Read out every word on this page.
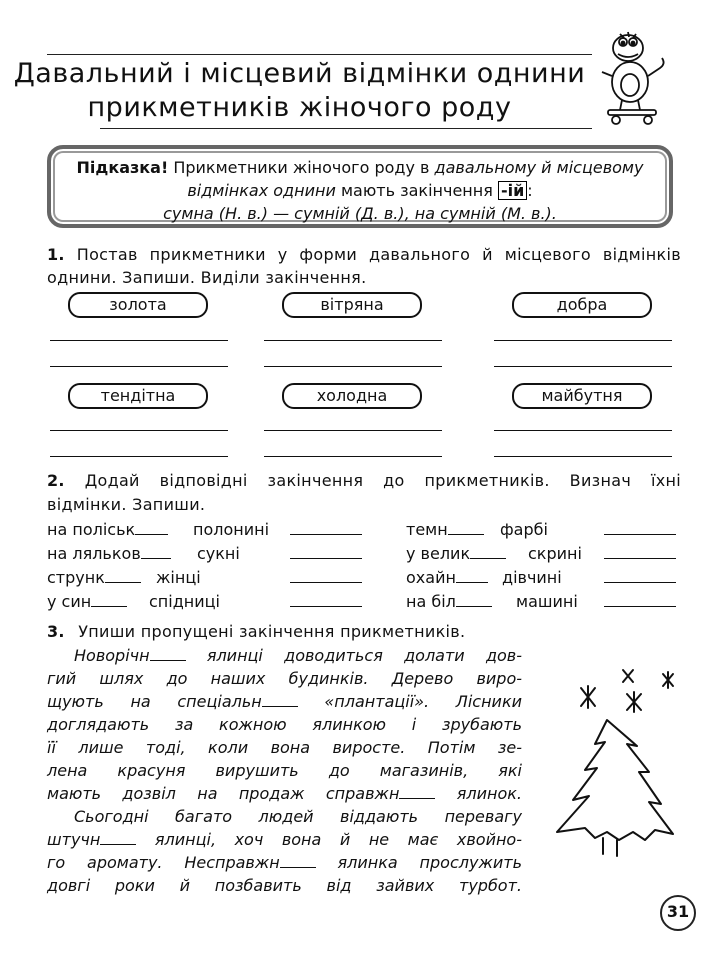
Давальний і місцевий відмінки однини
прикметників жіночого роду
Підказка! Прикметники жіночого роду в давальному й місцевому
відмінках однини мають закінчення -ій :
сумна (Н. в.) — сумній (Д. в.), на сумній (М. в.).
1. Постав прикметники у форми давального й місцевого відмінків
однини. Запиши. Виділи закінчення.
золота	вітряна	добра
тендітна	холодна	майбутня
2. Додай відповідні закінчення до прикметників. Визнач їхні
відмінки. Запиши.
на поліськ	полонині
на ляльков	сукні
струнк	жінці
у син	спідниці
темн	фарбі
у велик	скрині
охайн	дівчині
на біл	машині
3. Упиши пропущені закінчення прикметників.
Новорічн ялинці доводиться долати дов-
гий шлях до наших будинків. Дерево виро-
щують на спеціальн «плантації». Лісники
доглядають за кожною ялинкою і зрубають
її лише тоді, коли вона виросте. Потім зе-
лена красуня вирушить до магазинів, які
мають дозвіл на продаж справжн ялинок.
Сьогодні багато людей віддають перевагу
штучн ялинці, хоч вона й не має хвойно-
го аромату. Несправжн ялинка прослужить
довгі роки й позбавить від зайвих турбот.
31
